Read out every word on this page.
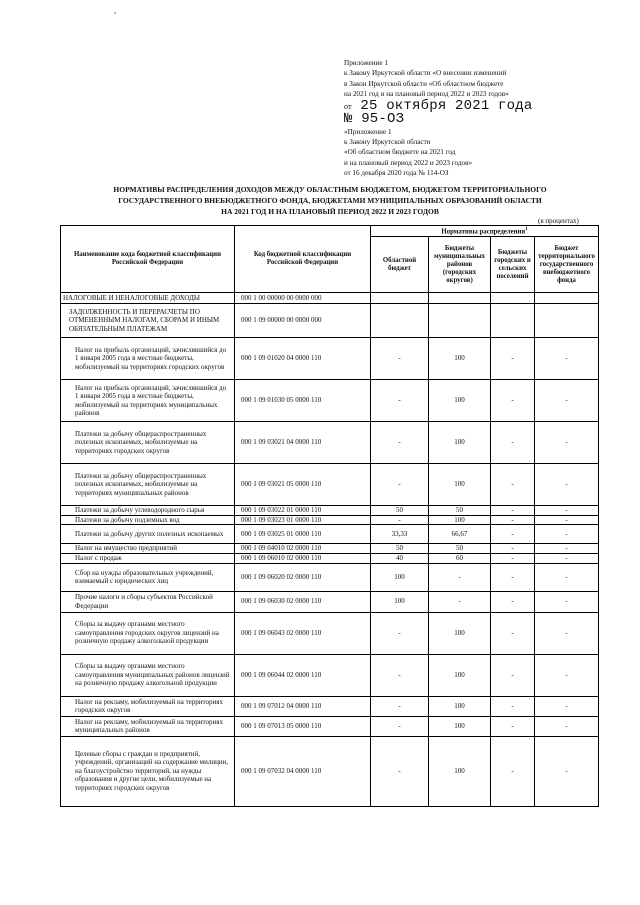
Приложение 1
к Закону Иркутской области «О внесении изменений
в Закон Иркутской области «Об областном бюджете
на 2021 год и на плановый период 2022 и 2023 годов»
от 25 октября 2021 года
№ 95-ОЗ
«Приложение 1
к Закону Иркутской области
«Об областном бюджете на 2021 год
и на плановый период 2022 и 2023 годов»
от 16 декабря 2020 года № 114-ОЗ
НОРМАТИВЫ РАСПРЕДЕЛЕНИЯ ДОХОДОВ МЕЖДУ ОБЛАСТНЫМ БЮДЖЕТОМ, БЮДЖЕТОМ ТЕРРИТОРИАЛЬНОГО
ГОСУДАРСТВЕННОГО ВНЕБЮДЖЕТНОГО ФОНДА, БЮДЖЕТАМИ МУНИЦИПАЛЬНЫХ ОБРАЗОВАНИЙ ОБЛАСТИ
НА 2021 ГОД И НА ПЛАНОВЫЙ ПЕРИОД 2022 И 2023 ГОДОВ
(в процентах)
Наименование кода бюджетной классификации Российской Федерации	Код бюджетной классификации Российской Федерации	Нормативы распределения$^1$
		Областной бюджет	Бюджеты муниципальных районов (городских округов)	Бюджеты городских и сельских поселений	Бюджет территориального государственного внебюджетного фонда
НАЛОГОВЫЕ И НЕНАЛОГОВЫЕ ДОХОДЫ	000 1 00 00000 00 0000 000				
ЗАДОЛЖЕННОСТЬ И ПЕРЕРАСЧЕТЫ ПО ОТМЕНЕННЫМ НАЛОГАМ, СБОРАМ И ИНЫМ ОБЯЗАТЕЛЬНЫМ ПЛАТЕЖАМ	000 1 09 00000 00 0000 000				
Налог на прибыль организаций, зачислявшийся до 1 января 2005 года в местные бюджеты, мобилизуемый на территориях городских округов	000 1 09 01020 04 0000 110	-	100	-	-
Налог на прибыль организаций, зачислявшийся до 1 января 2005 года в местные бюджеты, мобилизуемый на территориях муниципальных районов	000 1 09 01030 05 0000 110	-	100	-	-
Платежи за добычу общераспространенных полезных ископаемых, мобилизуемые на территориях городских округов	000 1 09 03021 04 0000 110	-	100	-	-
Платежи за добычу общераспространенных полезных ископаемых, мобилизуемые на территориях муниципальных районов	000 1 09 03021 05 0000 110	-	100	-	-
Платежи за добычу углеводородного сырья	000 1 09 03022 01 0000 110	50	50	-	-
Платежи за добычу подземных вод	000 1 09 03023 01 0000 110	-	100	-	-
Платежи за добычу других полезных ископаемых	000 1 09 03025 01 0000 110	33,33	66,67	-	-
Налог на имущество предприятий	000 1 09 04010 02 0000 110	50	50	-	-
Налог с продаж	000 1 09 06010 02 0000 110	40	60	-	-
Сбор на нужды образовательных учреждений, взимаемый с юридических лиц	000 1 09 06020 02 0000 110	100	-	-	-
Прочие налоги и сборы субъектов Российской Федерации	000 1 09 06030 02 0000 110	100	-	-	-
Сборы за выдачу органами местного самоуправления городских округов лицензий на розничную продажу алкогольной продукции	000 1 09 06043 02 0000 110	-	100	-	-
Сборы за выдачу органами местного самоуправления муниципальных районов лицензий на розничную продажу алкогольной продукции	000 1 09 06044 02 0000 110	-	100	-	-
Налог на рекламу, мобилизуемый на территориях городских округов	000 1 09 07012 04 0000 110	-	100	-	-
Налог на рекламу, мобилизуемый на территориях муниципальных районов	000 1 09 07013 05 0000 110	-	100	-	-
Целевые сборы с граждан и предприятий, учреждений, организаций на содержание милиции, на благоустройство территорий, на нужды образования и другие цели, мобилизуемые на территориях городских округов	000 1 09 07032 04 0000 110	-	100	-	-
